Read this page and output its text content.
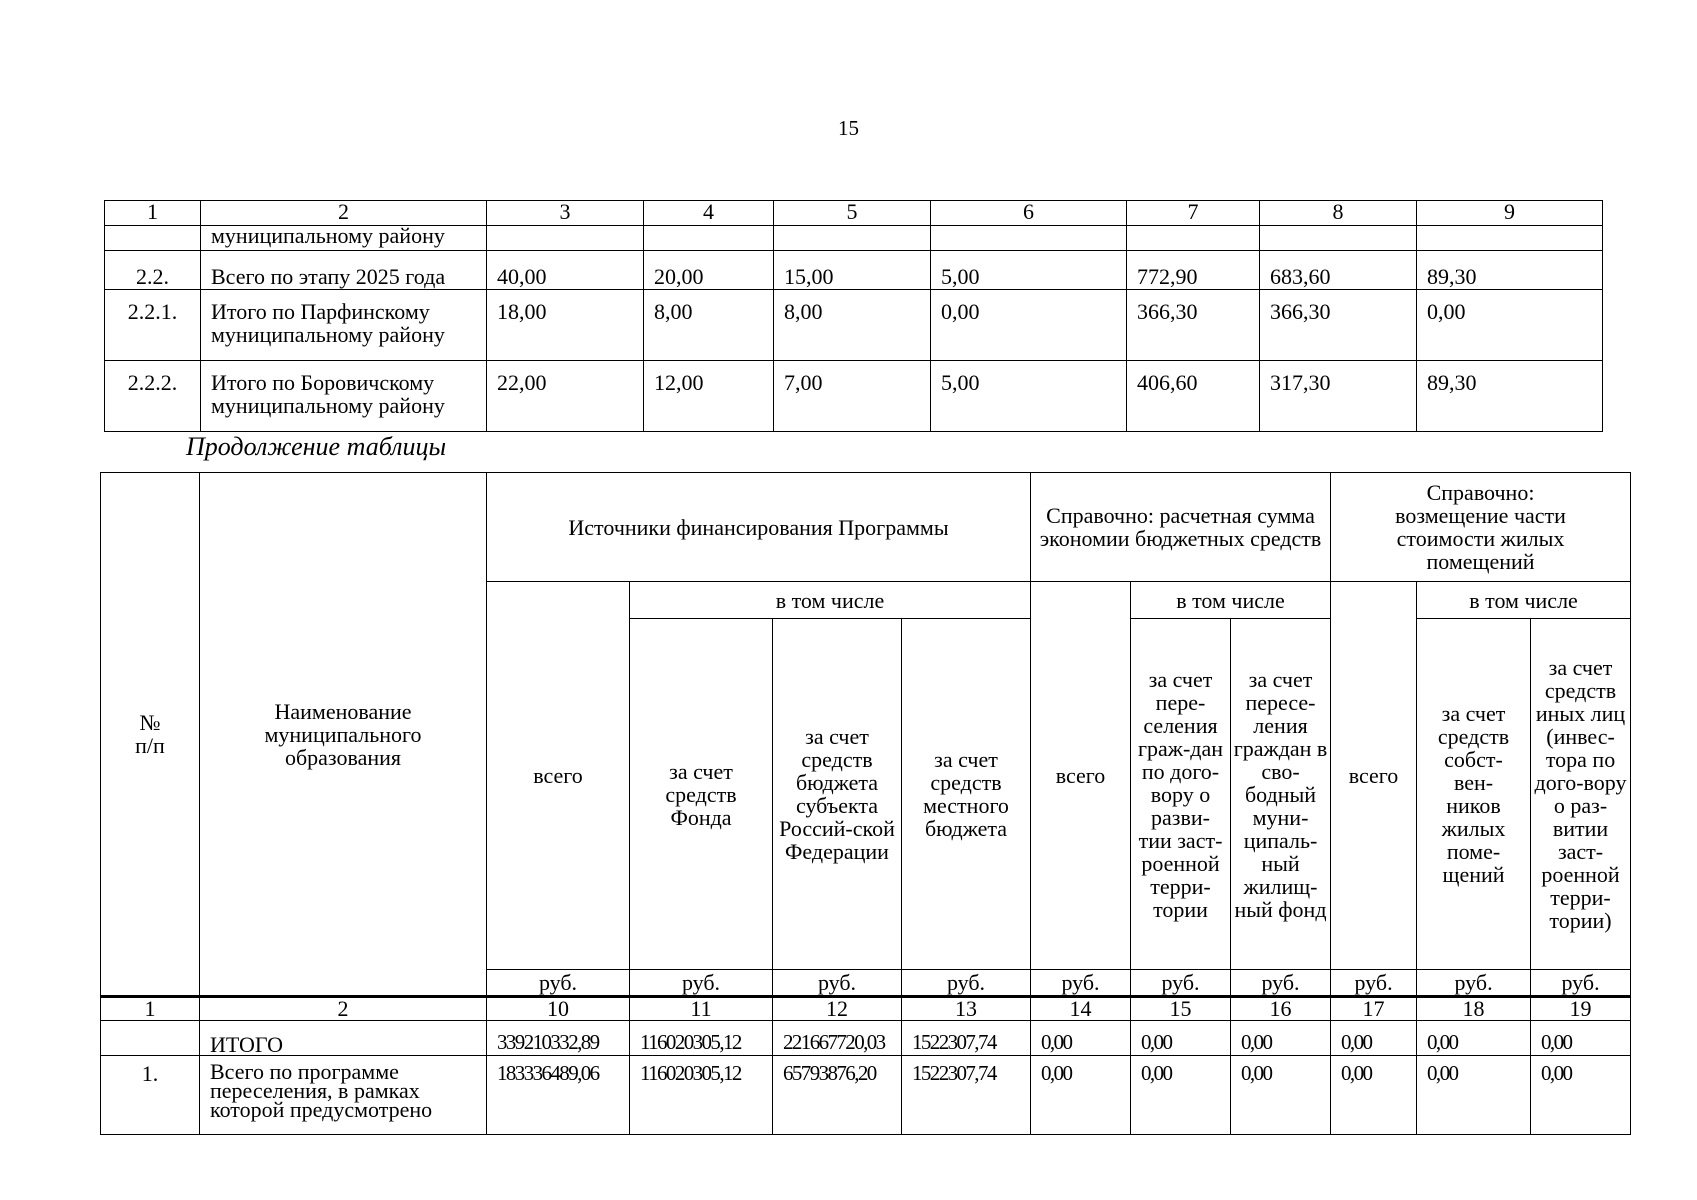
15
1	2	3	4	5	6	7	8	9
	муниципальному району							
2.2.	Всего по этапу 2025 года	40,00	20,00	15,00	5,00	772,90	683,60	89,30
2.2.1.	Итого по Парфинскому муниципальному району	18,00	8,00	8,00	0,00	366,30	366,30	0,00
2.2.2.	Итого по Боровичскому муниципальному району	22,00	12,00	7,00	5,00	406,60	317,30	89,30
Продолжение таблицы
№ п/п	Наименование муниципального образования	Источники финансирования Программы				Справочно: расчетная сумма экономии бюджетных средств			Справочно: возмещение части стоимости жилых помещений		
		всего	в том числе			всего	в том числе		всего	в том числе	
			за счет средств Фонда	за счет средств бюджета субъекта Россий-ской Федерации	за счет средств местного бюджета		за счет пере-селения граж-дан по дого-вору о разви-тии заст-роенной терри-тории	за счет пересе-ления граждан в сво-бодный муни-ципаль-ный жилищ-ный фонд		за счет средств собст-вен-ников жилых поме-щений	за счет средств иных лиц (инвес-тора по дого-вору о раз-витии заст-роенной терри-тории)
		руб.	руб.	руб.	руб.	руб.	руб.	руб.	руб.	руб.	руб.
1	2	10	11	12	13	14	15	16	17	18	19
	ИТОГО	339210332,89	116020305,12	221667720,03	1522307,74	0,00	0,00	0,00	0,00	0,00	0,00
1.	Всего по программе переселения, в рамках которой предусмотрено	183336489,06	116020305,12	65793876,20	1522307,74	0,00	0,00	0,00	0,00	0,00	0,00
